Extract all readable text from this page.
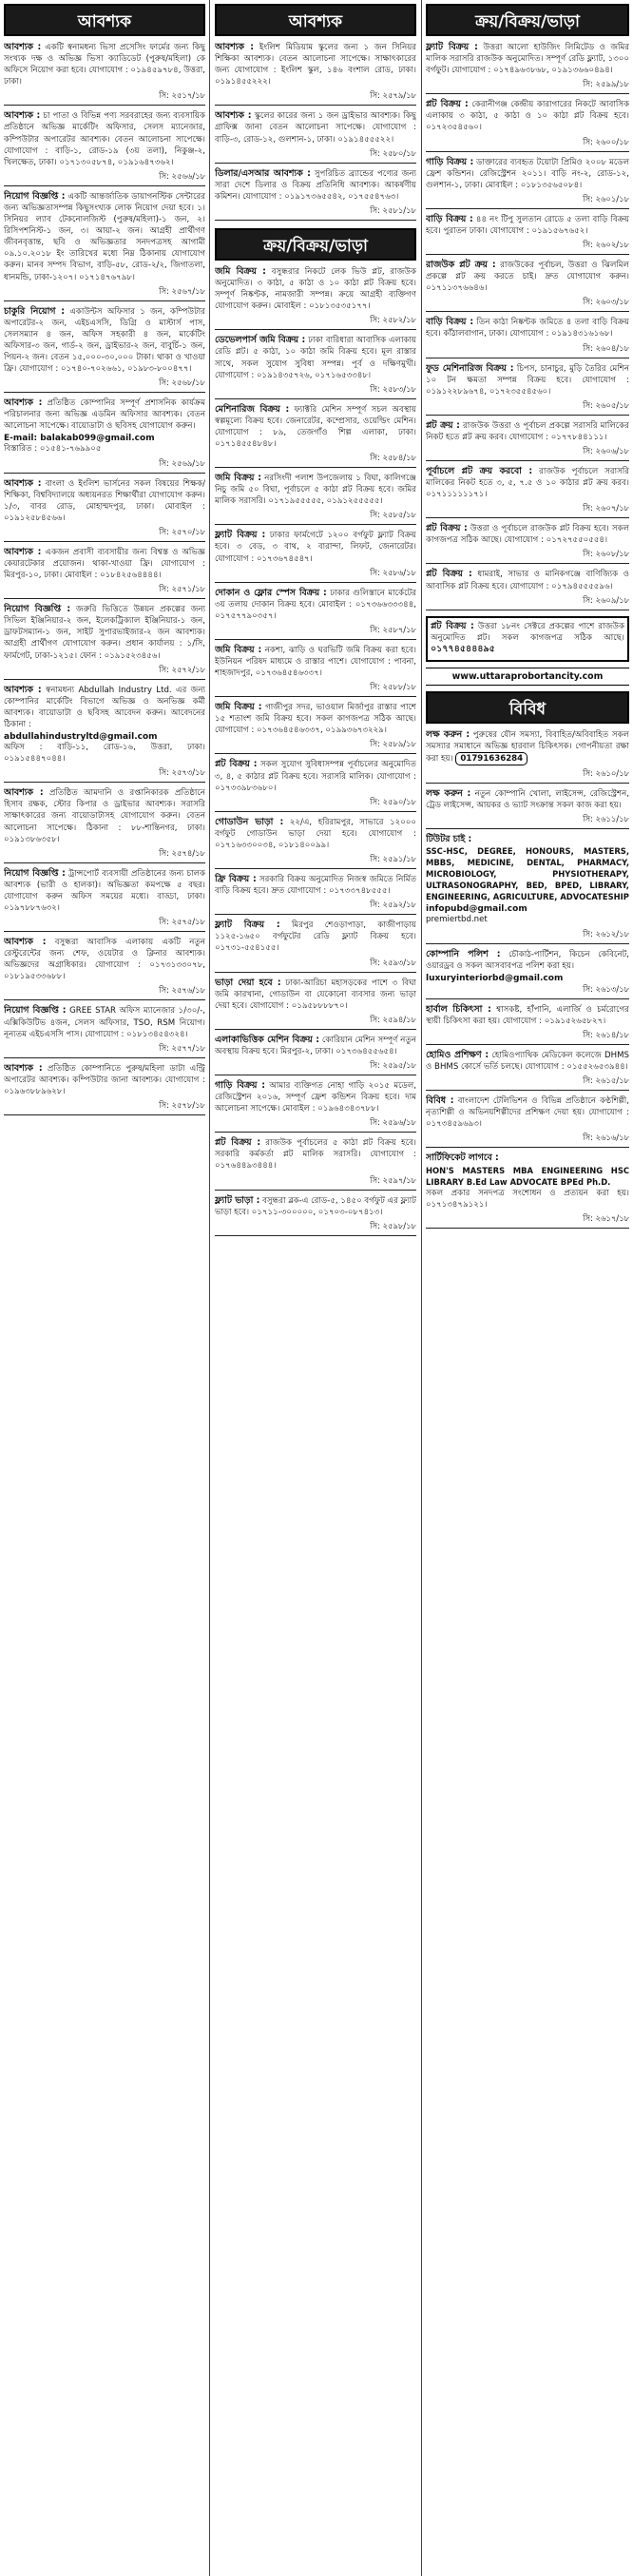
আবশ্যক
আবশ্যক : একটি স্বনামধন্য ভিসা প্রসেসিং ফার্মের জন্য কিছু সংখ্যক দক্ষ ও অভিজ্ঞ ভিসা ক্যাডিডেট (পুরুষ/মহিলা) কে অফিসে নিয়োগ করা হবে। যোগাযোগ : ০১৯৪৫৯৭৮৪, উত্তরা, ঢাকা।
সি: ২৫১৭/১৮
আবশ্যক : চা পাতা ও বিভিন্ন পণ্য সরবরাহের জন্য ব্যবসায়িক প্রতিষ্ঠানে অভিজ্ঞ মার্কেটিং অফিসার, সেলস ম্যানেজার, কম্পিউটার অপারেটর আবশ্যক। বেতন আলোচনা সাপেক্ষে। যোগাযোগ : বাড়ি-১, রোড-১৯ (৩য় তলা), নিকুঞ্জ-২, খিলক্ষেত, ঢাকা। ০১৭১৩০৫৮৭৪, ০১৯১৬৪৭৩৬২।
সি: ২৫৬৬/১৮
নিয়োগ বিজ্ঞপ্তি : একটি আন্তর্জাতিক ডায়াগনস্টিক সেন্টারের জন্য অভিজ্ঞতাসম্পন্ন কিছুসংখ্যক লোক নিয়োগ দেয়া হবে। ১। সিনিয়র ল্যাব টেকনোলজিস্ট (পুরুষ/মহিলা)-১ জন, ২। রিসিপশনিস্ট-১ জন, ৩। আয়া-২ জন। আগ্রহী প্রার্থীগণ জীবনবৃত্তান্ত, ছবি ও অভিজ্ঞতার সনদপত্রসহ আগামী ০৯.১০.২০১৮ ইং তারিখের মধ্যে নিম্ন ঠিকানায় যোগাযোগ করুন। মানব সম্পদ বিভাগ, বাড়ি-৫৮, রোড-২/২, জিগাতলা, ধানমন্ডি, ঢাকা-১২০৭। ০১৭১৪৭৬৭৯৮।
সি: ২৫৬৭/১৮
চাকুরি নিয়োগ : একাউন্টস অফিসার ১ জন, কম্পিউটার অপারেটর-২ জন, এইচএসসি, ডিগ্রি ও মাস্টার্স পাস, সেলসম্যান ৪ জন, অফিস সহকারী ৪ জন, মার্কেটিং অফিসার-৩ জন, গার্ড-২ জন, ড্রাইভার-২ জন, বাবুর্চি-১ জন, পিয়ন-২ জন। বেতন ১৫,০০০-৩০,০০০ টাকা। থাকা ও খাওয়া ফ্রি। যোগাযোগ : ০১৭৪০-৭০২৬৬১, ০১৯৮৩-৮০০৪৭৭।
সি: ২৫৬৮/১৮
আবশ্যক : প্রতিষ্ঠিত কোম্পানির সম্পূর্ণ প্রশাসনিক কার্যক্রম পরিচালনার জন্য অভিজ্ঞ এডমিন অফিসার আবশ্যক। বেতন আলোচনা সাপেক্ষে। বায়োডাটা ও ছবিসহ যোগাযোগ করুন।
E-mail: balakab099@gmail.com
বিস্তারিত : ০১৫৪১-৭৬৯৯০৫
সি: ২৫৬৯/১৮
আবশ্যক : বাংলা ও ইংলিশ ভার্সনের সকল বিষয়ের শিক্ষক/শিক্ষিকা, বিশ্ববিদ্যালয়ে অধ্যয়নরত শিক্ষার্থীরা যোগাযোগ করুন। ১/৩, বাবর রোড, মোহাম্মদপুর, ঢাকা। মোবাইল : ০১৯১২৫৮৪৫৬৬।
সি: ২৫৭০/১৮
আবশ্যক : একজন প্রবাসী ব্যবসায়ীর জন্য বিশ্বস্ত ও অভিজ্ঞ কেয়ারটেকার প্রয়োজন। থাকা-খাওয়া ফ্রি। যোগাযোগ : মিরপুর-১০, ঢাকা। মোবাইল : ০১৮৪২৫৬৪৪৪৪।
সি: ২৫৭১/১৮
নিয়োগ বিজ্ঞপ্তি : জরুরি ভিত্তিতে উন্নয়ন প্রকল্পের জন্য সিভিল ইঞ্জিনিয়ার-২ জন, ইলেকট্রিক্যাল ইঞ্জিনিয়ার-১ জন, ড্রাফটসম্যান-১ জন, সাইট সুপারভাইজার-২ জন আবশ্যক। আগ্রহী প্রার্থীগণ যোগাযোগ করুন। প্রধান কার্যালয় : ১/সি, ফার্মগেট, ঢাকা-১২১৫। ফোন : ০১৯১৫২৩৪৫৬।
সি: ২৫৭২/১৮
আবশ্যক : স্বনামধন্য Abdullah Industry Ltd. এর জন্য কোম্পানির মার্কেটিং বিভাগে অভিজ্ঞ ও অনভিজ্ঞ কর্মী আবশ্যক। বায়োডাটা ও ছবিসহ আবেদন করুন। আবেদনের ঠিকানা :
abdullahindustryltd@gmail.com
অফিস : বাড়ি-১১, রোড-১৬, উত্তরা, ঢাকা। ০১৯১৫৪৪৭০৪৪।
সি: ২৫৭৩/১৮
আবশ্যক : প্রতিষ্ঠিত আমদানি ও রপ্তানিকারক প্রতিষ্ঠানে হিসাব রক্ষক, স্টোর কিপার ও ড্রাইভার আবশ্যক। সরাসরি সাক্ষাৎকারের জন্য বায়োডাটাসহ যোগাযোগ করুন। বেতন আলোচনা সাপেক্ষে। ঠিকানা : ৮৮-শান্তিনগর, ঢাকা। ০১৯১৩৮৬৩৫৮।
সি: ২৫৭৪/১৮
নিয়োগ বিজ্ঞপ্তি : ট্রান্সপোর্ট ব্যবসায়ী প্রতিষ্ঠানের জন্য চালক আবশ্যক (ভারী ও হালকা)। অভিজ্ঞতা কমপক্ষে ৫ বছর। যোগাযোগ করুন অফিস সময়ের মধ্যে। বাড্ডা, ঢাকা। ০১৯৭৮৮৭৬৩২।
সি: ২৫৭৫/১৮
আবশ্যক : বসুন্ধরা আবাসিক এলাকায় একটি নতুন রেস্টুরেন্টের জন্য শেফ, ওয়েটার ও ক্লিনার আবশ্যক। অভিজ্ঞদের অগ্রাধিকার। যোগাযোগ : ০১৭৩১৩৩০৭৮, ০১৮১৯৫৩৩৬৮৮।
সি: ২৫৭৬/১৮
নিয়োগ বিজ্ঞপ্তি : GREE STAR অফিস ম্যানেজার ১/৩০/-, এক্সিকিউটিভ ৪জন, সেলস অফিসার, TSO, RSM নিয়োগ। নূন্যতম এইচএসসি পাস। যোগাযোগ : ০১৮১৩৪৫৪৩২৪।
সি: ২৫৭৭/১৮
আবশ্যক : প্রতিষ্ঠিত কোম্পানিতে পুরুষ/মহিলা ডাটা এন্ট্রি অপারেটর আবশ্যক। কম্পিউটার জানা আবশ্যক। যোগাযোগ : ০১৯৬৩৮৮৯৬২৮।
সি: ২৫৭৮/১৮
আবশ্যক
আবশ্যক : ইংলিশ মিডিয়াম স্কুলের জন্য ১ জন সিনিয়র শিক্ষিকা আবশ্যক। বেতন আলোচনা সাপেক্ষে। সাক্ষাৎকারের জন্য যোগাযোগ : ইংলিশ স্কুল, ১৪৬ বংশাল রোড, ঢাকা। ০১৯১৪৫৫২২২।
সি: ২৫৭৯/১৮
আবশ্যক : স্কুলের কারের জন্য ১ জন ড্রাইভার আবশ্যক। কিছু গ্রাফিক্স জানা বেতন আলোচনা সাপেক্ষে। যোগাযোগ : বাড়ি-৩, রোড-১২, গুলশান-১, ঢাকা। ০১৯১৪৫৫৫২২।
সি: ২৫৮০/১৮
ডিলার/এসআর আবশ্যক : সুপরিচিত ব্র্যান্ডের পণ্যের জন্য সারা দেশে ডিলার ও বিক্রয় প্রতিনিধি আবশ্যক। আকর্ষণীয় কমিশন। যোগাযোগ : ০১৯১৭৩৬৫৫৪২, ০১৭৫৫৪৭৬৩।
সি: ২৫৮১/১৮
ক্রয়/বিক্রয়/ভাড়া
জমি বিক্রয় : বসুন্ধরার নিকটে লেক ভিউ প্লট, রাজউক অনুমোদিত। ৩ কাঠা, ৫ কাঠা ও ১০ কাঠা প্লট বিক্রয় হবে। সম্পূর্ণ নিষ্কণ্টক, নামজারী সম্পন্ন। ক্রয়ে আগ্রহী ব্যক্তিগণ যোগাযোগ করুন। মোবাইল : ০১৮১৩৫৩৫১৭৭।
সি: ২৫৮২/১৮
ডেভেলপার্স জমি বিক্রয় : ঢাকা বারিধারা আবাসিক এলাকায় রেডি প্লট। ৫ কাঠা, ১০ কাঠা জমি বিক্রয় হবে। মূল রাস্তার সাথে, সকল সুযোগ সুবিধা সম্পন্ন। পূর্ব ও দক্ষিণমুখী। যোগাযোগ : ০১৯১৪৩৫৭২৬, ০১৭১৬৫৩৩৪৮।
সি: ২৫৮৩/১৮
মেশিনারিজ বিক্রয় : ফ্যাক্টরি মেশিন সম্পূর্ণ সচল অবস্থায় স্বল্পমূল্যে বিক্রয় হবে। জেনারেটর, কম্প্রেসার, ওয়েল্ডিং মেশিন। যোগাযোগ : ৮৯, তেজগাঁও শিল্প এলাকা, ঢাকা। ০১৭১৪৫৫৪৮৪৮।
সি: ২৫৮৪/১৮
জমি বিক্রয় : নরসিংদী পলাশ উপজেলায় ১ বিঘা, কালিগঞ্জে নিচু জমি ৫০ বিঘা, পূর্বাচলে ৫ কাঠা প্লট বিক্রয় হবে। জমির মালিক সরাসরি। ০১৭১৯৫৫৫৫৫, ০১৯১২৫৫৫৫৫।
সি: ২৫৮৫/১৮
ফ্ল্যাট বিক্রয় : ঢাকার ফার্মগেটে ১২০০ বর্গফুট ফ্ল্যাট বিক্রয় হবে। ৩ বেড, ৩ বাথ, ২ বারান্দা, লিফট, জেনারেটর। যোগাযোগ : ০১৭৩৬৭৪৫৪৭।
সি: ২৫৮৬/১৮
দোকান ও ফ্লোর স্পেস বিক্রয় : ঢাকার গুলিস্তানে মার্কেটের ৩য় তলায় দোকান বিক্রয় হবে। মোবাইল : ০১৭৩৬৬৩৩৩৪৪, ০১৭৫৭৭৯০৩৫৭।
সি: ২৫৮৭/১৮
জমি বিক্রয় : নকশা, ঝাড়ি ও ঘরভিটি জমি বিক্রয় করা হবে। ইউনিয়ন পরিষদ মাধ্যমে ও রাস্তার পাশে। যোগাযোগ : পাবনা, শাহজাদপুর, ০১৭৩৬৪৫৪৬৩৩৭।
সি: ২৫৮৮/১৮
জমি বিক্রয় : গাজীপুর সদর, ভাওয়াল মির্জাপুর রাস্তার পাশে ১৫ শতাংশ জমি বিক্রয় হবে। সকল কাগজপত্র সঠিক আছে। যোগাযোগ : ০১৭৩৬৪৫৪৬৩৩৭, ০১৯৯৩৬৭৩২২৯।
সি: ২৫৮৯/১৮
প্লট বিক্রয় : সকল সুযোগ সুবিধাসম্পন্ন পূর্বাচলের অনুমোদিত ৩, ৪, ৫ কাঠার প্লট বিক্রয় হবে। সরাসরি মালিক। যোগাযোগ : ০১৭৩৩৯৮৩৬৮০।
সি: ২৫৯০/১৮
গোডাউন ভাড়া : ২২/এ, হরিরামপুর, সাভারে ১২০০০ বর্গফুট গোডাউন ভাড়া দেয়া হবে। যোগাযোগ : ০১৭১৬৩৩০০৩৪, ০১৮১৪০০৯৯।
সি: ২৫৯১/১৮
ফ্রি বিক্রয় : সরকারি বিক্রয় অনুমোদিত নিজস্ব জমিতে নির্মিত বাড়ি বিক্রয় হবে। দ্রুত যোগাযোগ : ০১৭৩৩৭৪৮৫৫৫।
সি: ২৫৯২/১৮
ফ্ল্যাট বিক্রয় : মিরপুর শেওড়াপাড়া, কাজীপাড়ায় ১১২৫-১৬৫০ বর্গফুটের রেডি ফ্ল্যাট বিক্রয় হবে। ০১৭৩১-৫৫৪১৫৫।
সি: ২৫৯৩/১৮
ভাড়া দেয়া হবে : ঢাকা-আরিচা মহাসড়কের পাশে ৩ বিঘা জমি কারখানা, গোডাউন বা যেকোনো ব্যবসার জন্য ভাড়া দেয়া হবে। যোগাযোগ : ০১৯৫৮৮৮৮৭০।
সি: ২৫৯৪/১৮
এলাকাভিত্তিক মেশিন বিক্রয় : কোরিয়ান মেশিন সম্পূর্ণ নতুন অবস্থায় বিক্রয় হবে। মিরপুর-২, ঢাকা। ০১৭৩৬৪৫৫৬৫৪।
সি: ২৫৯৫/১৮
গাড়ি বিক্রয় : আমার ব্যক্তিগত নোহা গাড়ি ২০১৫ মডেল, রেজিস্ট্রেশন ২০১৬, সম্পূর্ণ ফ্রেশ কন্ডিশন বিক্রয় হবে। দাম আলোচনা সাপেক্ষে। মোবাইল : ০১৯৬৪৩৪৩৭৮৮।
সি: ২৫৯৬/১৮
প্লট বিক্রয় : রাজউক পূর্বাচলের ৫ কাঠা প্লট বিক্রয় হবে। সরকারি কর্মকর্তা প্লট মালিক সরাসরি। যোগাযোগ : ০১৭৬৪৪৯৩৪৪৪।
সি: ২৫৯৭/১৮
ফ্ল্যাট ভাড়া : বসুন্ধরা ব্লক-এ রোড-৫, ১৪৫০ বর্গফুট এর ফ্ল্যাট ভাড়া হবে। ০১৭১১-৩০০০০০, ০১৭০৩-০৮৭৪১৩।
সি: ২৫৯৮/১৮
ক্রয়/বিক্রয়/ভাড়া
ফ্ল্যাট বিক্রয় : উত্তরা আলো হাউজিং লিমিটেড ও জমির মালিক সরাসরি রাজউক অনুমোদিত। সম্পূর্ণ রেডি ফ্ল্যাট, ১৩০০ বর্গফুট। যোগাযোগ : ০১৭৪৯৬৩৮৬৮, ০১৯১৩৬৬০৪৯৪।
সি: ২৫৯৯/১৮
প্লট বিক্রয় : কেরানীগঞ্জ কেন্দ্রীয় কারাগারের নিকটে আবাসিক এলাকায় ৩ কাঠা, ৫ কাঠা ও ১০ কাঠা প্লট বিক্রয় হবে। ০১৭২৩৫৪৫৬০।
সি: ২৬০০/১৮
গাড়ি বিক্রয় : ডাক্তারের ব্যবহৃত টয়োটা প্রিমিও ২০০৮ মডেল ফ্রেশ কন্ডিশন। রেজিস্ট্রেশন ২০১১। বাড়ি নং-২, রোড-১২, গুলশান-১, ঢাকা। মোবাইল : ০১৮১৩৫৬৫০৮৪।
সি: ২৬০১/১৮
বাড়ি বিক্রয় : ৪৪ নং টিপু সুলতান রোডে ৫ তলা বাড়ি বিক্রয় হবে। পুরাতন ঢাকা। যোগাযোগ : ০১৯১৫৬৭৬৫২।
সি: ২৬০২/১৮
রাজউক প্লট ক্রয় : রাজউকের পূর্বাচল, উত্তরা ও ঝিলমিল প্রকল্পে প্লট ক্রয় করতে চাই। দ্রুত যোগাযোগ করুন। ০১৭১১৩৭৬৬৪৬।
সি: ২৬০৩/১৮
বাড়ি বিক্রয় : তিন কাঠা নিষ্কণ্টক জমিতে ৪ তলা বাড়ি বিক্রয় হবে। কাঁঠালবাগান, ঢাকা। যোগাযোগ : ০১৯১৪৩১৬১৬৮।
সি: ২৬০৪/১৮
ফুড মেশিনারিজ বিক্রয় : চিপস, চানাচুর, মুড়ি তৈরির মেশিন ১০ টন ক্ষমতা সম্পন্ন বিক্রয় হবে। যোগাযোগ : ০১৯১২২৮৯৬৭৪, ০১৭২৩৫৫৪৫৬০।
সি: ২৬০৫/১৮
প্লট ক্রয় : রাজউক উত্তরা ও পূর্বাচল প্রকল্পে সরাসরি মালিকের নিকট হতে প্লট ক্রয় করব। যোগাযোগ : ০১৭৭৮৪৪১১১।
সি: ২৬০৬/১৮
পূর্বাচলে প্লট ক্রয় করবো : রাজউক পূর্বাচলে সরাসরি মালিকের নিকট হতে ৩, ৫, ৭.৫ ও ১০ কাঠার প্লট ক্রয় করব। ০১৭১১১১১১৭১।
সি: ২৬০৭/১৮
প্লট বিক্রয় : উত্তরা ও পূর্বাচলে রাজউক প্লট বিক্রয় হবে। সকল কাগজপত্র সঠিক আছে। যোগাযোগ : ০১৭২৭৫৫০৫৫৪।
সি: ২৬০৮/১৮
প্লট বিক্রয় : ধামরাই, সাভার ও মানিকগঞ্জে বাণিজ্যিক ও আবাসিক প্লট বিক্রয় হবে। যোগাযোগ : ০১৭৯৪৫৫৫৫৯৬।
সি: ২৬০৯/১৮
প্লট বিক্রয় : উত্তরা ১৮নং সেক্টরে প্রকল্পের পাশে রাজউক অনুমোদিত প্লট। সকল কাগজপত্র সঠিক আছে। ০১৭৭৪৫৪৪৪৯৫
www.uttaraprobortancity.com
বিবিধ
লক্ষ করুন : পুরুষের যৌন সমস্যা, বিবাহিত/অবিবাহিত সকল সমস্যার সমাধানে অভিজ্ঞ হারবাল চিকিৎসক। গোপনীয়তা রক্ষা করা হয়। 01791636284
সি: ২৬১০/১৮
লক্ষ করুন : নতুন কোম্পানি খোলা, লাইসেন্স, রেজিস্ট্রেশন, ট্রেড লাইসেন্স, আয়কর ও ভ্যাট সংক্রান্ত সকল কাজ করা হয়।
সি: ২৬১১/১৮
টিউটর চাই :
SSC-HSC, DEGREE, HONOURS, MASTERS, MBBS, MEDICINE, DENTAL, PHARMACY, MICROBIOLOGY, PHYSIOTHERAPY, ULTRASONOGRAPHY, BED, BPED, LIBRARY, ENGINEERING, AGRICULTURE, ADVOCATESHIP
infopubd@gmail.com
premiertbd.net
সি: ২৬১২/১৮
কোম্পানি পলিশ : চৌকাঠ-পার্টিশন, কিচেন কেবিনেট, ওয়ারড্রব ও সকল আসবাবপত্র পলিশ করা হয়।
luxuryinteriorbd@gmail.com
সি: ২৬১৩/১৮
হার্বাল চিকিৎসা : শ্বাসকষ্ট, হাঁপানি, এলার্জি ও চর্মরোগের স্থায়ী চিকিৎসা করা হয়। যোগাযোগ : ০১৯১৫২৬৫৮২৭।
সি: ২৬১৪/১৮
হোমিও প্রশিক্ষণ : হোমিওপ্যাথিক মেডিকেল কলেজে DHMS ও BHMS কোর্সে ভর্তি চলছে। যোগাযোগ : ০১৫৫২৬৫৩৯৪৪।
সি: ২৬১৫/১৮
বিবিধ : বাংলাদেশ টেলিভিশন ও বিভিন্ন প্রতিষ্ঠানে কণ্ঠশিল্পী, নৃত্যশিল্পী ও অভিনয়শিল্পীদের প্রশিক্ষণ দেয়া হয়। যোগাযোগ : ০১৭৩৪৫৯৬৯৩।
সি: ২৬১৬/১৮
সার্টিফিকেট লাগবে :
HON'S MASTERS MBA ENGINEERING HSC LIBRARY B.Ed Law ADVOCATE BPEd Ph.D.
সকল প্রকার সনদপত্র সংশোধন ও প্রত্যয়ন করা হয়। ০১৭১৩৪৭৯১২১।
সি: ২৬১৭/১৮
